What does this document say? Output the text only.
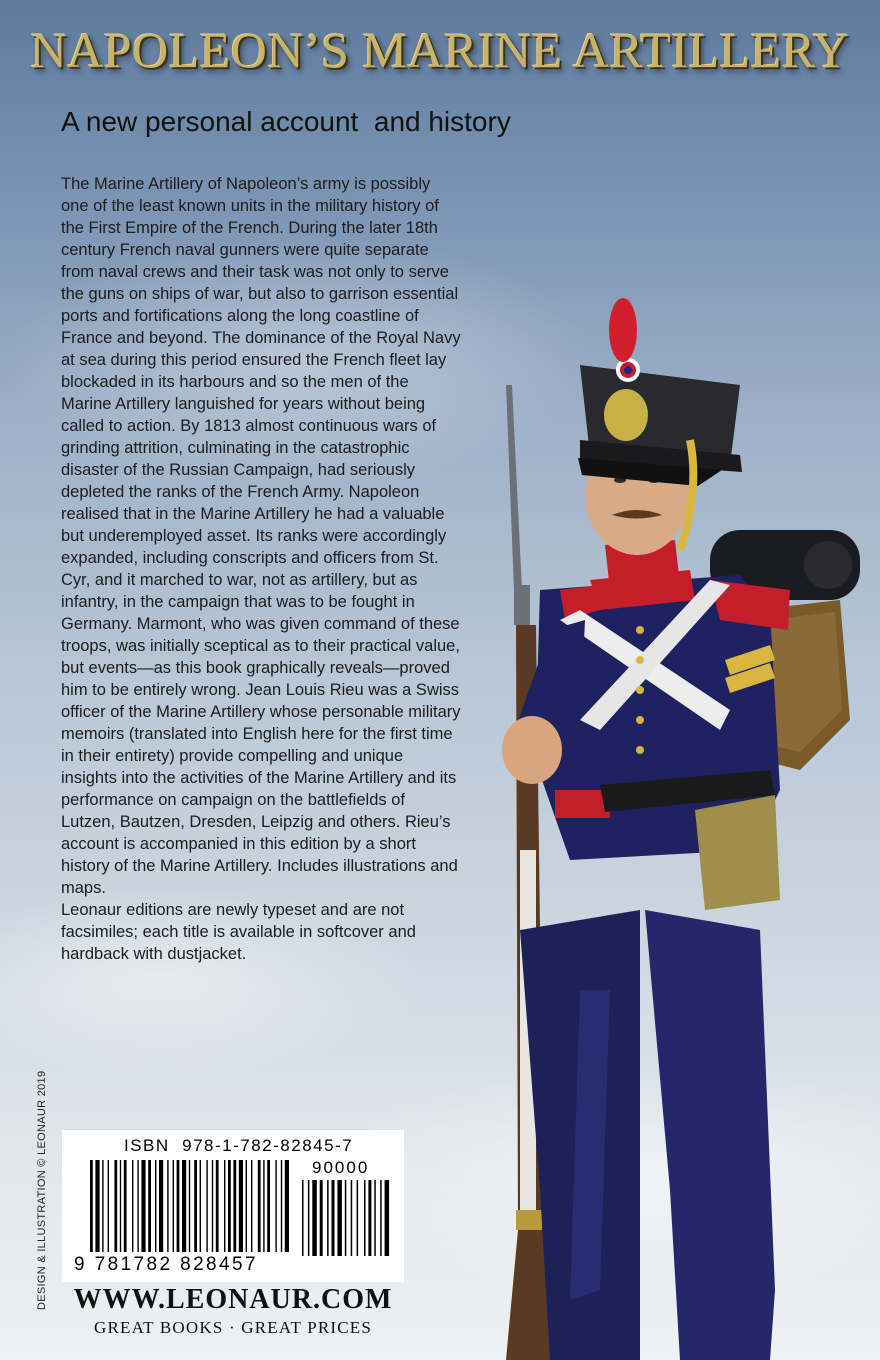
NAPOLEON’S MARINE ARTILLERY
A new personal account  and history

The Marine Artillery of Napoleon’s army is possibly one of the least known units in the military history of the First Empire of the French. During the later 18th century French naval gunners were quite separate from naval crews and their task was not only to serve the guns on ships of war, but also to garrison essential ports and fortifications along the long coastline of France and beyond. The dominance of the Royal Navy at sea during this period ensured the French fleet lay blockaded in its harbours and so the men of the Marine Artillery languished for years without being called to action. By 1813 almost continuous wars of grinding attrition, culminating in the catastrophic disaster of the Russian Campaign, had seriously depleted the ranks of the French Army. Napoleon realised that in the Marine Artillery he had a valuable but underemployed asset. Its ranks were accordingly expanded, including conscripts and officers from St. Cyr, and it marched to war, not as artillery, but as infantry, in the campaign that was to be fought in Germany. Marmont, who was given command of these troops, was initially sceptical as to their practical value, but events—as this book graphically reveals—proved him to be entirely wrong. Jean Louis Rieu was a Swiss officer of the Marine Artillery whose personable military memoirs (translated into English here for the first time in their entirety) provide compelling and unique insights into the activities of the Marine Artillery and its performance on campaign on the battlefields of Lutzen, Bautzen, Dresden, Leipzig and others. Rieu’s account is accompanied in this edition by a short history of the Marine Artillery. Includes illustrations and maps.

Leonaur editions are newly typeset and are not facsimiles; each title is available in softcover and hardback with dustjacket.

DESIGN & ILLUSTRATION © LEONAUR 2019	ISBN  978-1-782-82845-7
90000
9 781782 828457
WWW.LEONAUR.COM
GREAT BOOKS · GREAT PRICES
